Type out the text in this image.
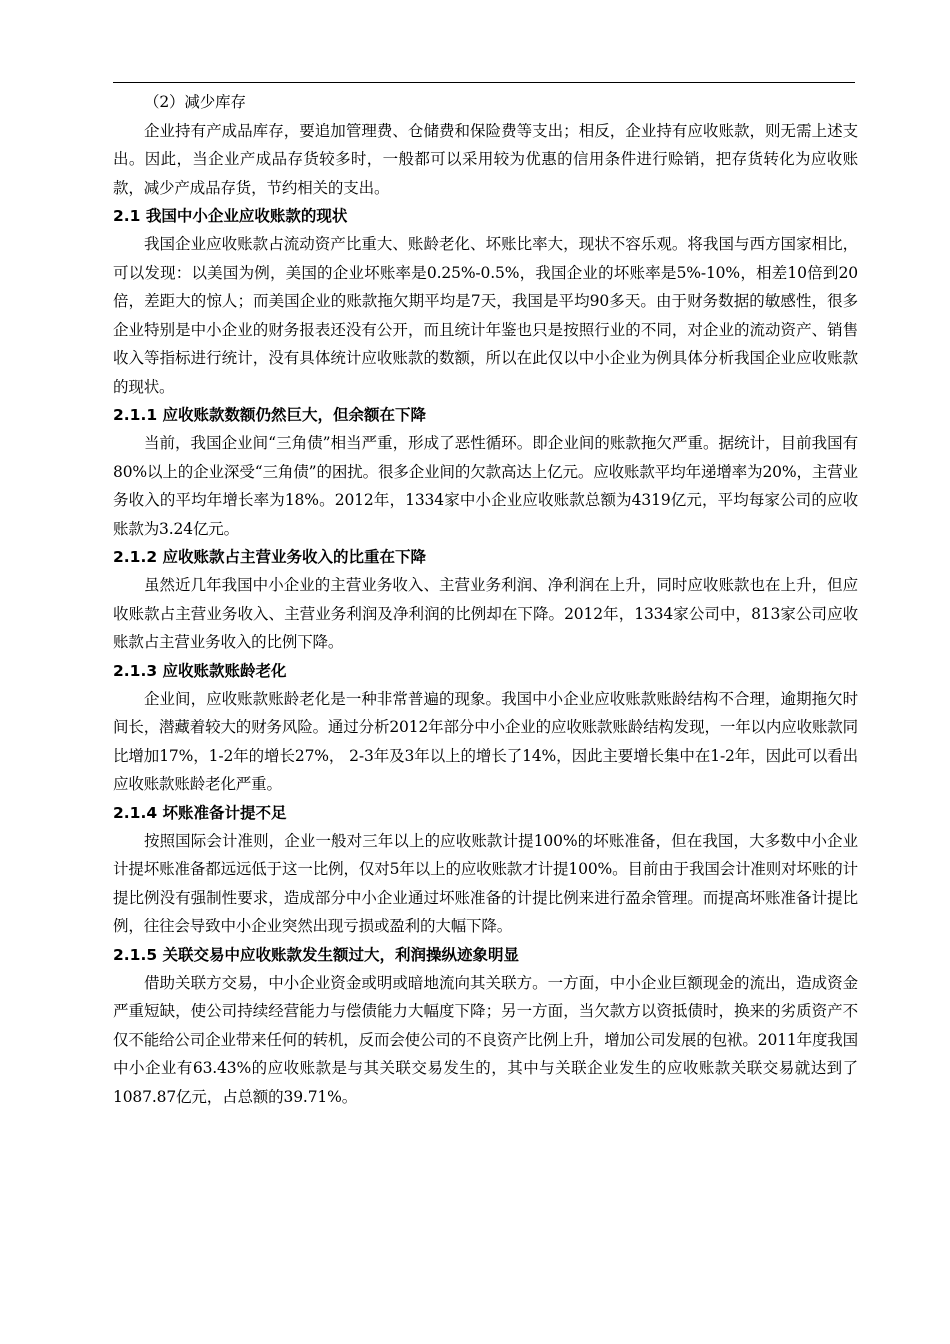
（2）减少库存

企业持有产成品库存，要追加管理费、仓储费和保险费等支出；相反，企业持有应收账款，则无需上述支出。因此，当企业产成品存货较多时，一般都可以采用较为优惠的信用条件进行赊销，把存货转化为应收账款，减少产成品存货，节约相关的支出。

2.1 我国中小企业应收账款的现状

我国企业应收账款占流动资产比重大、账龄老化、坏账比率大，现状不容乐观。将我国与西方国家相比，可以发现：以美国为例，美国的企业坏账率是0.25%-0.5%，我国企业的坏账率是5%-10%，相差10倍到20倍，差距大的惊人；而美国企业的账款拖欠期平均是7天，我国是平均90多天。由于财务数据的敏感性，很多企业特别是中小企业的财务报表还没有公开，而且统计年鉴也只是按照行业的不同，对企业的流动资产、销售收入等指标进行统计，没有具体统计应收账款的数额，所以在此仅以中小企业为例具体分析我国企业应收账款的现状。

2.1.1 应收账款数额仍然巨大，但余额在下降

当前，我国企业间“三角债”相当严重，形成了恶性循环。即企业间的账款拖欠严重。据统计，目前我国有80%以上的企业深受“三角债”的困扰。很多企业间的欠款高达上亿元。应收账款平均年递增率为20%，主营业务收入的平均年增长率为18%。2012年，1334家中小企业应收账款总额为4319亿元，平均每家公司的应收账款为3.24亿元。

2.1.2 应收账款占主营业务收入的比重在下降

虽然近几年我国中小企业的主营业务收入、主营业务利润、净利润在上升，同时应收账款也在上升，但应收账款占主营业务收入、主营业务利润及净利润的比例却在下降。2012年，1334家公司中，813家公司应收账款占主营业务收入的比例下降。

2.1.3 应收账款账龄老化

企业间，应收账款账龄老化是一种非常普遍的现象。我国中小企业应收账款账龄结构不合理，逾期拖欠时间长，潜藏着较大的财务风险。通过分析2012年部分中小企业的应收账款账龄结构发现，一年以内应收账款同比增加17%，1-2年的增长27%， 2-3年及3年以上的增长了14%，因此主要增长集中在1-2年，因此可以看出应收账款账龄老化严重。

2.1.4 坏账准备计提不足

按照国际会计准则，企业一般对三年以上的应收账款计提100%的坏账准备，但在我国，大多数中小企业计提坏账准备都远远低于这一比例，仅对5年以上的应收账款才计提100%。目前由于我国会计准则对坏账的计提比例没有强制性要求，造成部分中小企业通过坏账准备的计提比例来进行盈余管理。而提高坏账准备计提比例，往往会导致中小企业突然出现亏损或盈利的大幅下降。

2.1.5 关联交易中应收账款发生额过大，利润操纵迹象明显

借助关联方交易，中小企业资金或明或暗地流向其关联方。一方面，中小企业巨额现金的流出，造成资金严重短缺，使公司持续经营能力与偿债能力大幅度下降；另一方面，当欠款方以资抵债时，换来的劣质资产不仅不能给公司企业带来任何的转机，反而会使公司的不良资产比例上升，增加公司发展的包袱。2011年度我国中小企业有63.43%的应收账款是与其关联交易发生的，其中与关联企业发生的应收账款关联交易就达到了1087.87亿元，占总额的39.71%。
